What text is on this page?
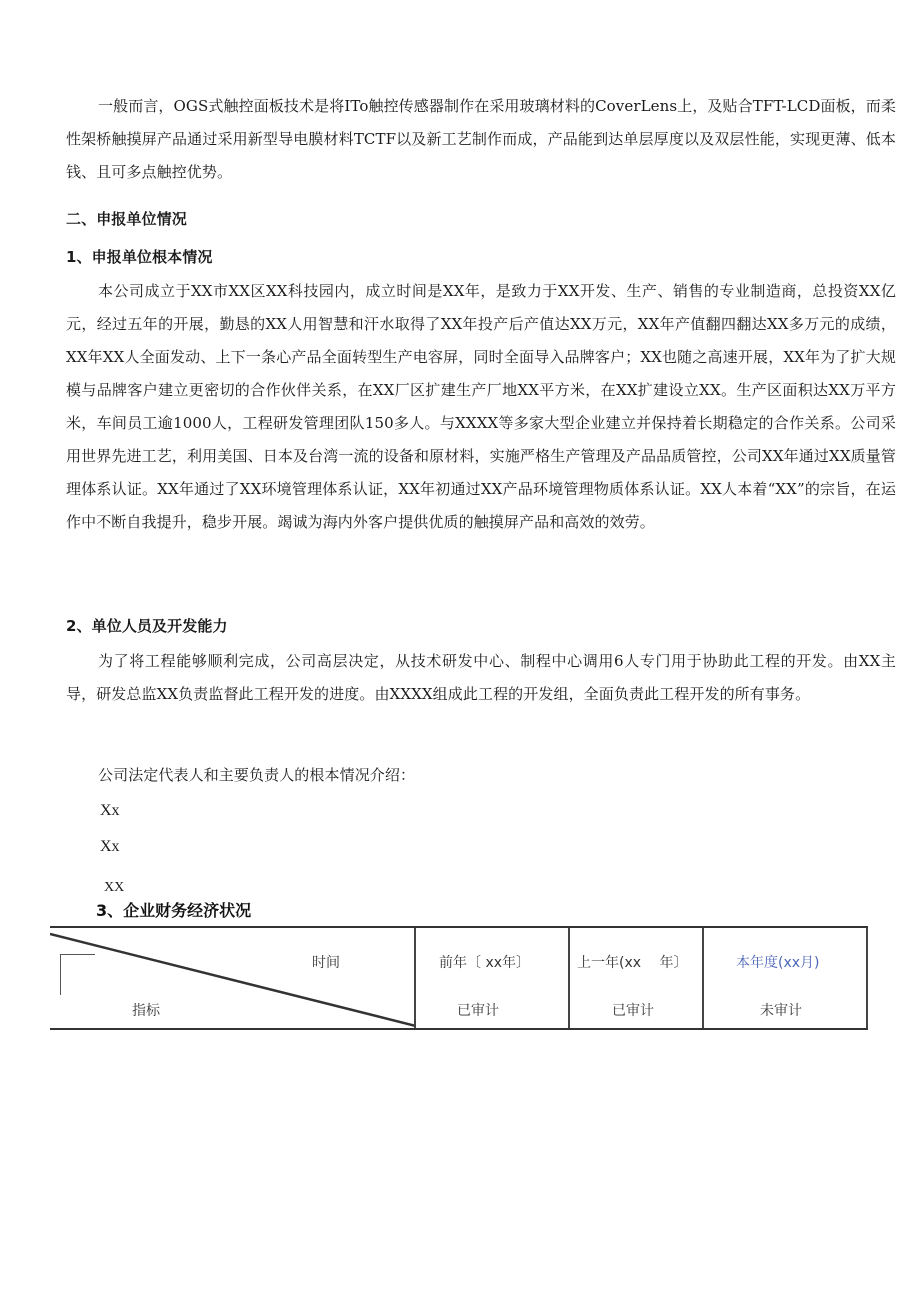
一般而言，OGS式触控面板技术是将ITo触控传感器制作在采用玻璃材料的CoverLens上，及贴合TFT-LCD面板，而柔性架桥触摸屏产品通过采用新型导电膜材料TCTF以及新工艺制作而成，产品能到达单层厚度以及双层性能，实现更薄、低本钱、且可多点触控优势。

二、申报单位情况

1、申报单位根本情况

本公司成立于XX市XX区XX科技园内，成立时间是XX年，是致力于XX开发、生产、销售的专业制造商，总投资XX亿元，经过五年的开展，勤恳的XX人用智慧和汗水取得了XX年投产后产值达XX万元，XX年产值翻四翻达XX多万元的成绩，XX年XX人全面发动、上下一条心产品全面转型生产电容屏，同时全面导入品牌客户；XX也随之高速开展，XX年为了扩大规模与品牌客户建立更密切的合作伙伴关系，在XX厂区扩建生产厂地XX平方米，在XX扩建设立XX。生产区面积达XX万平方米，车间员工逾1000人，工程研发管理团队150多人。与XXXX等多家大型企业建立并保持着长期稳定的合作关系。公司采用世界先进工艺，利用美国、日本及台湾一流的设备和原材料，实施严格生产管理及产品品质管控，公司XX年通过XX质量管理体系认证。XX年通过了XX环境管理体系认证，XX年初通过XX产品环境管理物质体系认证。XX人本着“XX”的宗旨，在运作中不断自我提升，稳步开展。竭诚为海内外客户提供优质的触摸屏产品和高效的效劳。

2、单位人员及开发能力

为了将工程能够顺利完成，公司高层决定，从技术研发中心、制程中心调用6人专门用于协助此工程的开发。由XX主导，研发总监XX负责监督此工程开发的进度。由XXXX组成此工程的开发组，全面负责此工程开发的所有事务。

公司法定代表人和主要负责人的根本情况介绍：

Xx
Xx
XX
3、企业财务经济状况
时间
指标
前年〔 xx年〕
已审计
上一年(xx　 年〕
已审计
本年度(xx月)
未审计
